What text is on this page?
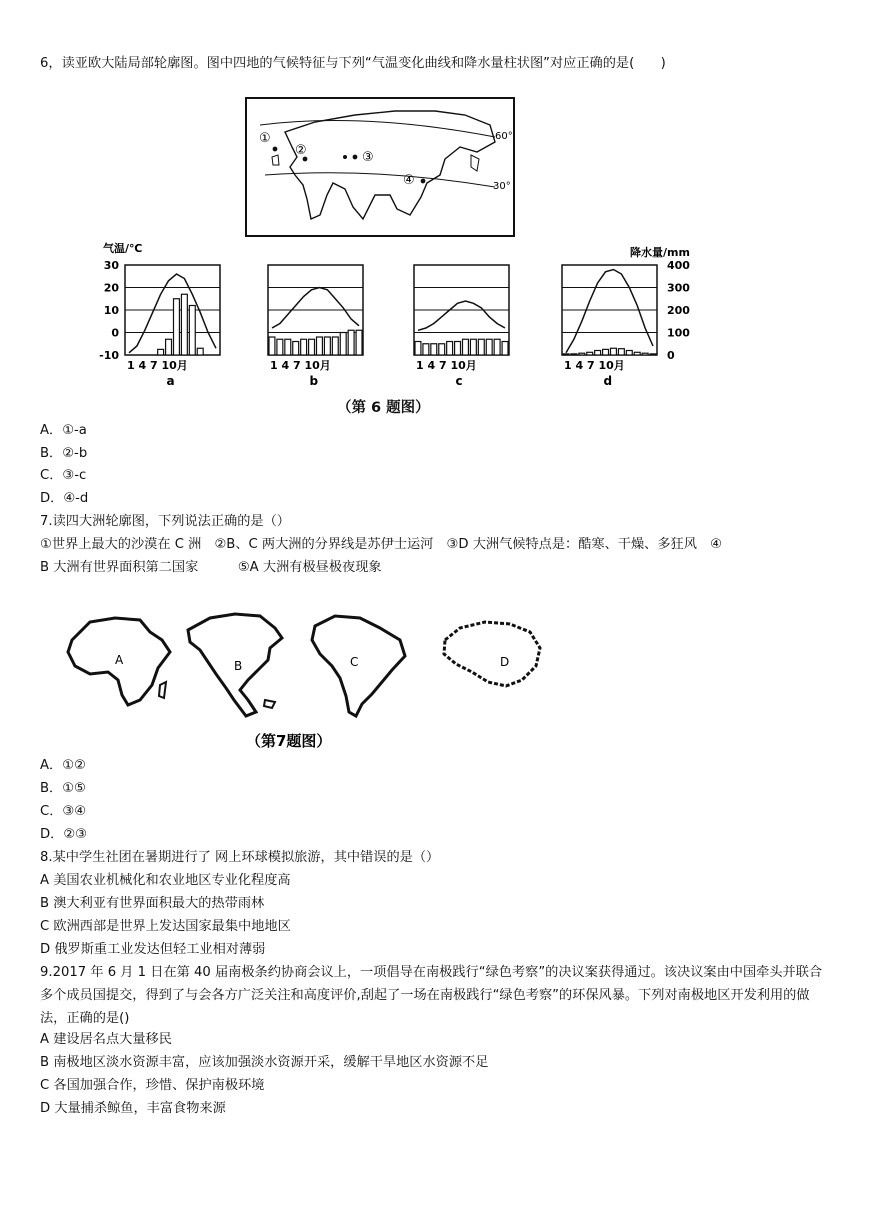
6，读亚欧大陆局部轮廓图。图中四地的气候特征与下列“气温变化曲线和降水量柱状图”对应正确的是(　　)
60°
30°
①
②	③
④
气温/℃	降水量/mm
30
20
10
0
-10
400
300
200
100
0
1 4 7 10月
a
1 4 7 10月
b
1 4 7 10月
c
1 4 7 10月
d
（第 6 题图）
A．①-a
B．②-b
C．③-c
D．④-d
7.读四大洲轮廓图，下列说法正确的是（）
①世界上最大的沙漠在 C 洲　②B、C 两大洲的分界线是苏伊士运河　③D 大洲气候特点是：酷寒、干燥、多狂风　④
B 大洲有世界面积第二国家　　　⑤A 大洲有极昼极夜现象
A	B	C	D
（第7题图）
A．①②
B．①⑤
C．③④
D．②③
8.某中学生社团在暑期进行了 网上环球模拟旅游，其中错误的是（）
A 美国农业机械化和农业地区专业化程度高
B 澳大利亚有世界面积最大的热带雨林
C 欧洲西部是世界上发达国家最集中地地区
D 俄罗斯重工业发达但轻工业相对薄弱
9.2017 年 6 月 1 日在第 40 届南极条约协商会议上，一项倡导在南极践行“绿色考察”的决议案获得通过。该决议案由中国牵头并联合多个成员国提交，得到了与会各方广泛关注和高度评价,刮起了一场在南极践行“绿色考察”的环保风暴。下列对南极地区开发利用的做法，正确的是()
A 建设居名点大量移民
B 南极地区淡水资源丰富，应该加强淡水资源开采，缓解干旱地区水资源不足
C 各国加强合作，珍惜、保护南极环境
D 大量捕杀鲸鱼，丰富食物来源
